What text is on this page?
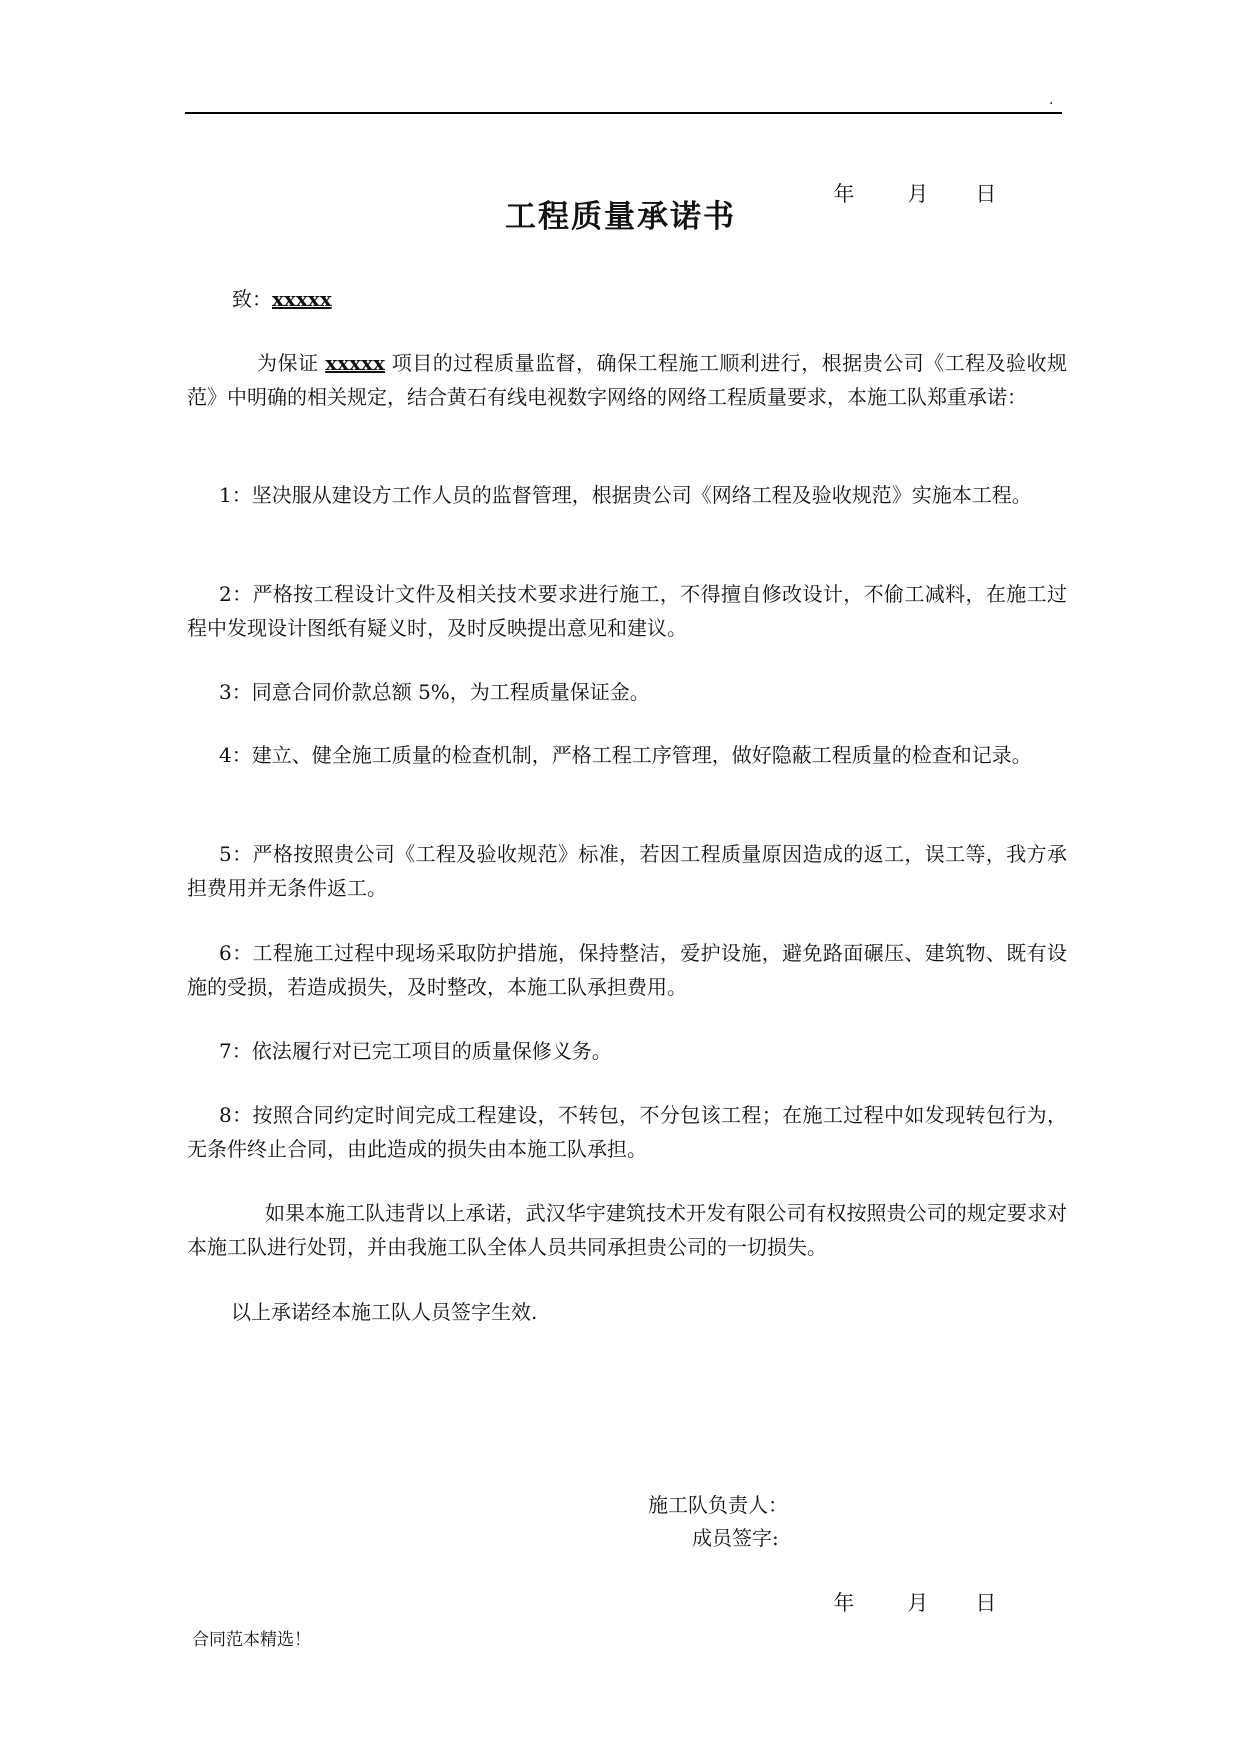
.

年	月 日

工程质量承诺书
致：xxxxx
为保证 xxxxx 项目的过程质量监督，确保工程施工顺利进行，根据贵公司《工程及验收规范》中明确的相关规定，结合黄石有线电视数字网络的网络工程质量要求，本施工队郑重承诺：
1：坚决服从建设方工作人员的监督管理，根据贵公司《网络工程及验收规范》实施本工程。
2：严格按工程设计文件及相关技术要求进行施工，不得擅自修改设计，不偷工减料，在施工过程中发现设计图纸有疑义时，及时反映提出意见和建议。
3：同意合同价款总额 5%，为工程质量保证金。
4：建立、健全施工质量的检查机制，严格工程工序管理，做好隐蔽工程质量的检查和记录。
5：严格按照贵公司《工程及验收规范》标准，若因工程质量原因造成的返工，误工等，我方承担费用并无条件返工。
6：工程施工过程中现场采取防护措施，保持整洁，爱护设施，避免路面碾压、建筑物、既有设施的受损，若造成损失，及时整改，本施工队承担费用。
7：依法履行对已完工项目的质量保修义务。
8：按照合同约定时间完成工程建设，不转包，不分包该工程；在施工过程中如发现转包行为，无条件终止合同，由此造成的损失由本施工队承担。
如果本施工队违背以上承诺，武汉华宇建筑技术开发有限公司有权按照贵公司的规定要求对本施工队进行处罚，并由我施工队全体人员共同承担贵公司的一切损失。
以上承诺经本施工队人员签字生效.
施工队负责人：
成员签字:

年	月 日

合同范本精选！
